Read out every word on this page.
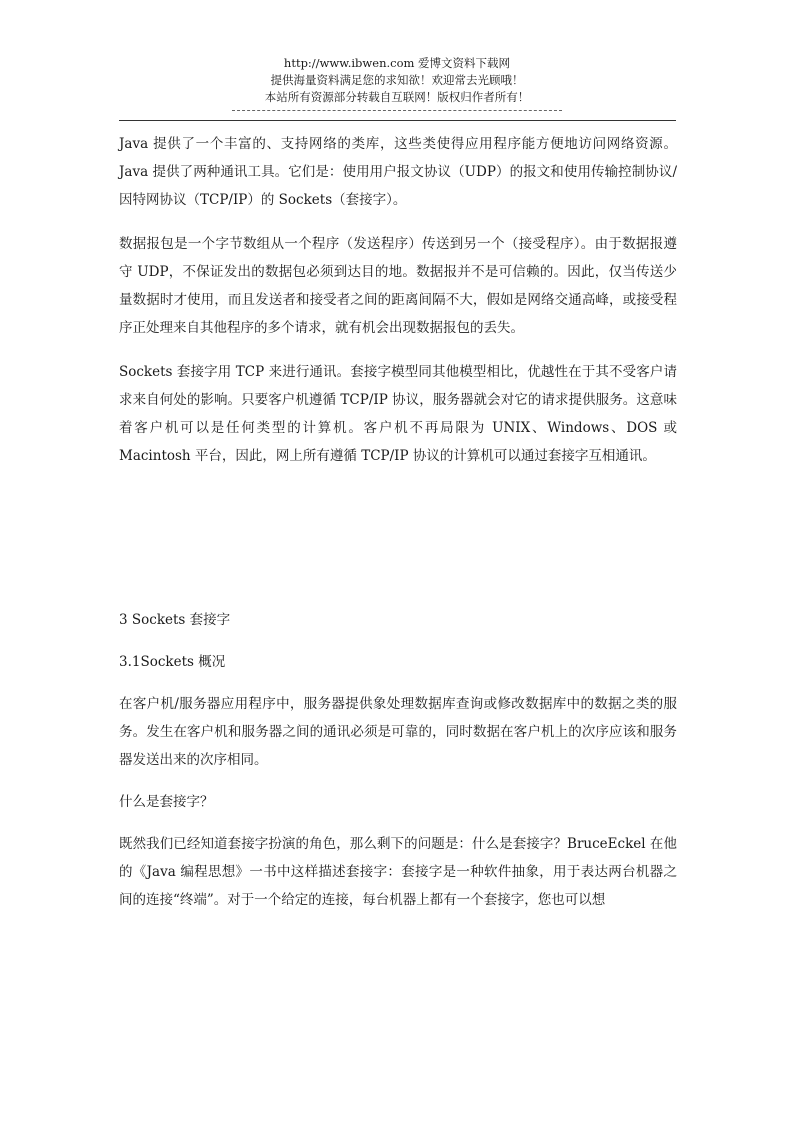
http://www.ibwen.com 爱博文资料下载网
提供海量资料满足您的求知欲！欢迎常去光顾哦！
本站所有资源部分转载自互联网！版权归作者所有！

Java 提供了一个丰富的、支持网络的类库，这些类使得应用程序能方便地访问网络资源。Java 提供了两种通讯工具。它们是：使用用户报文协议（UDP）的报文和使用传输控制协议/因特网协议（TCP/IP）的 Sockets（套接字）。

数据报包是一个字节数组从一个程序（发送程序）传送到另一个（接受程序）。由于数据报遵守 UDP，不保证发出的数据包必须到达目的地。数据报并不是可信赖的。因此，仅当传送少量数据时才使用，而且发送者和接受者之间的距离间隔不大，假如是网络交通高峰，或接受程序正处理来自其他程序的多个请求，就有机会出现数据报包的丢失。

Sockets 套接字用 TCP 来进行通讯。套接字模型同其他模型相比，优越性在于其不受客户请求来自何处的影响。只要客户机遵循 TCP/IP 协议，服务器就会对它的请求提供服务。这意味着客户机可以是任何类型的计算机。客户机不再局限为 UNIX、Windows、DOS 或 Macintosh 平台，因此，网上所有遵循 TCP/IP 协议的计算机可以通过套接字互相通讯。

3 Sockets 套接字

3.1Sockets 概况

在客户机/服务器应用程序中，服务器提供象处理数据库查询或修改数据库中的数据之类的服务。发生在客户机和服务器之间的通讯必须是可靠的，同时数据在客户机上的次序应该和服务器发送出来的次序相同。

什么是套接字？

既然我们已经知道套接字扮演的角色，那么剩下的问题是：什么是套接字？BruceEckel 在他的《Java 编程思想》一书中这样描述套接字：套接字是一种软件抽象，用于表达两台机器之间的连接“终端”。对于一个给定的连接，每台机器上都有一个套接字，您也可以想
